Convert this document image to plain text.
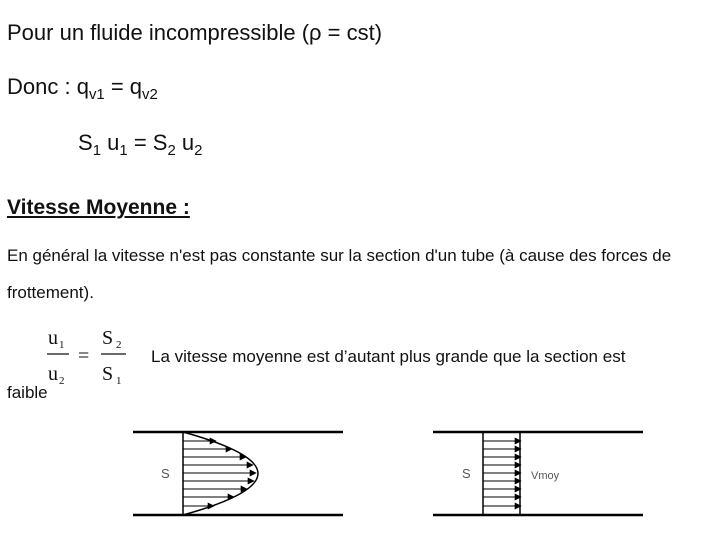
Pour un fluide incompressible (ρ = cst)
Donc : $q_{v1} = q_{v2}$
$S_1$ $u_1 = S_2$ $u_2$
Vitesse Moyenne :
En général la vitesse n'est pas constante sur la section d'un tube (à cause des forces de frottement).
u 1
u 2
=
S 2
S 1
La vitesse moyenne est d’autant plus grande que la section est
faible
S	S	Vmoy
